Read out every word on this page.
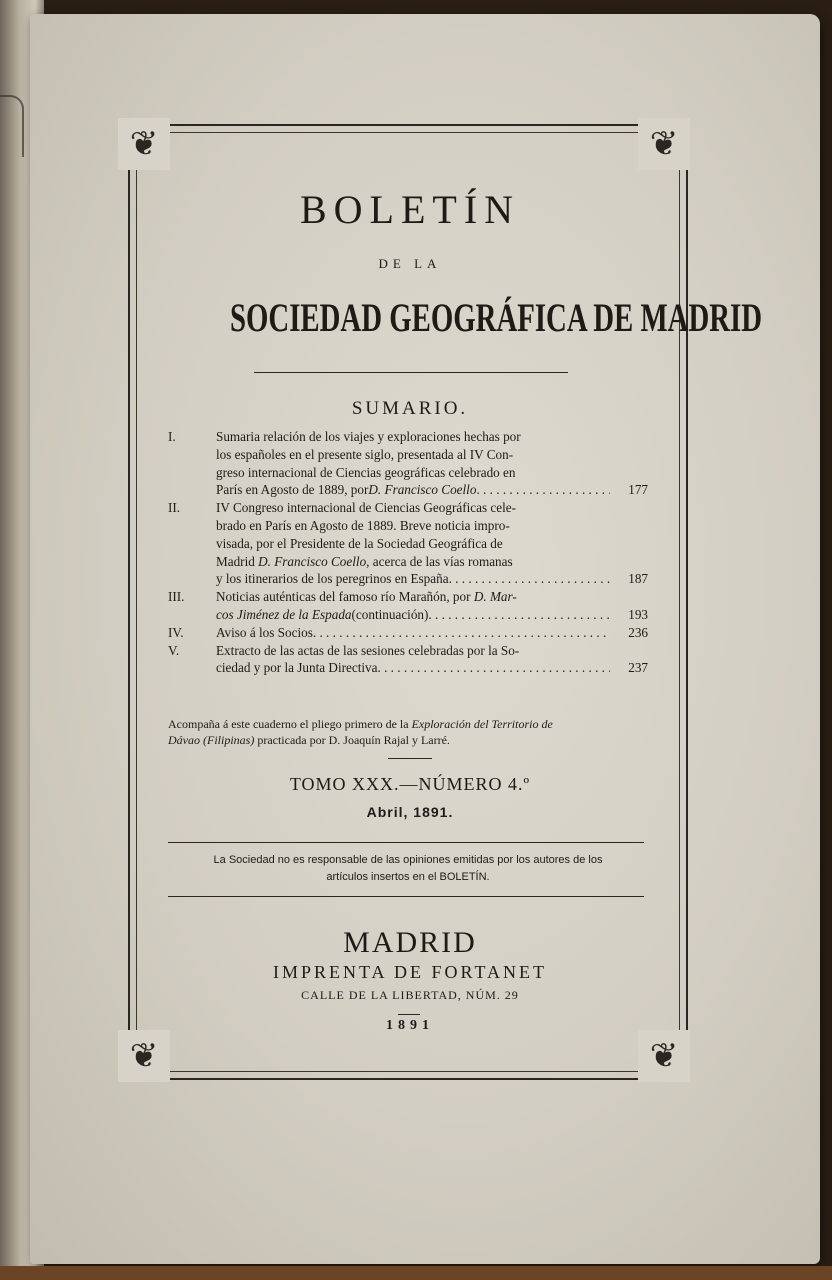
❦	❦
❦	❦
BOLETÍN
DE LA
SOCIEDAD GEOGRÁFICA DE MADRID
SUMARIO.
I.	Sumaria relación de los viajes y exploraciones hechas por
los españoles en el presente siglo, presentada al IV Con-
greso internacional de Ciencias geográficas celebrado en
París en Agosto de 1889, por D. Francisco Coello . . .	177
II.	IV Congreso internacional de Ciencias Geográficas cele-
brado en París en Agosto de 1889. Breve noticia impro-
visada, por el Presidente de la Sociedad Geográfica de
Madrid D. Francisco Coello, acerca de las vías romanas
y los itinerarios de los peregrinos en España . . .	187
III.	Noticias auténticas del famoso río Marañón, por D. Mar-
cos Jiménez de la Espada (continuación) . . .	193
IV.	Aviso á los Socios . . .	236
V.	Extracto de las actas de las sesiones celebradas por la So-
ciedad y por la Junta Directiva . . .	237
Acompaña á este cuaderno el pliego primero de la Exploración del Territorio de
Dávao (Filipinas) practicada por D. Joaquín Rajal y Larré.
TOMO XXX.—NÚMERO 4.º
Abril, 1891.
La Sociedad no es responsable de las opiniones emitidas por los autores de los
artículos insertos en el BOLETÍN.
MADRID
IMPRENTA DE FORTANET
CALLE DE LA LIBERTAD, NÚM. 29
1891
